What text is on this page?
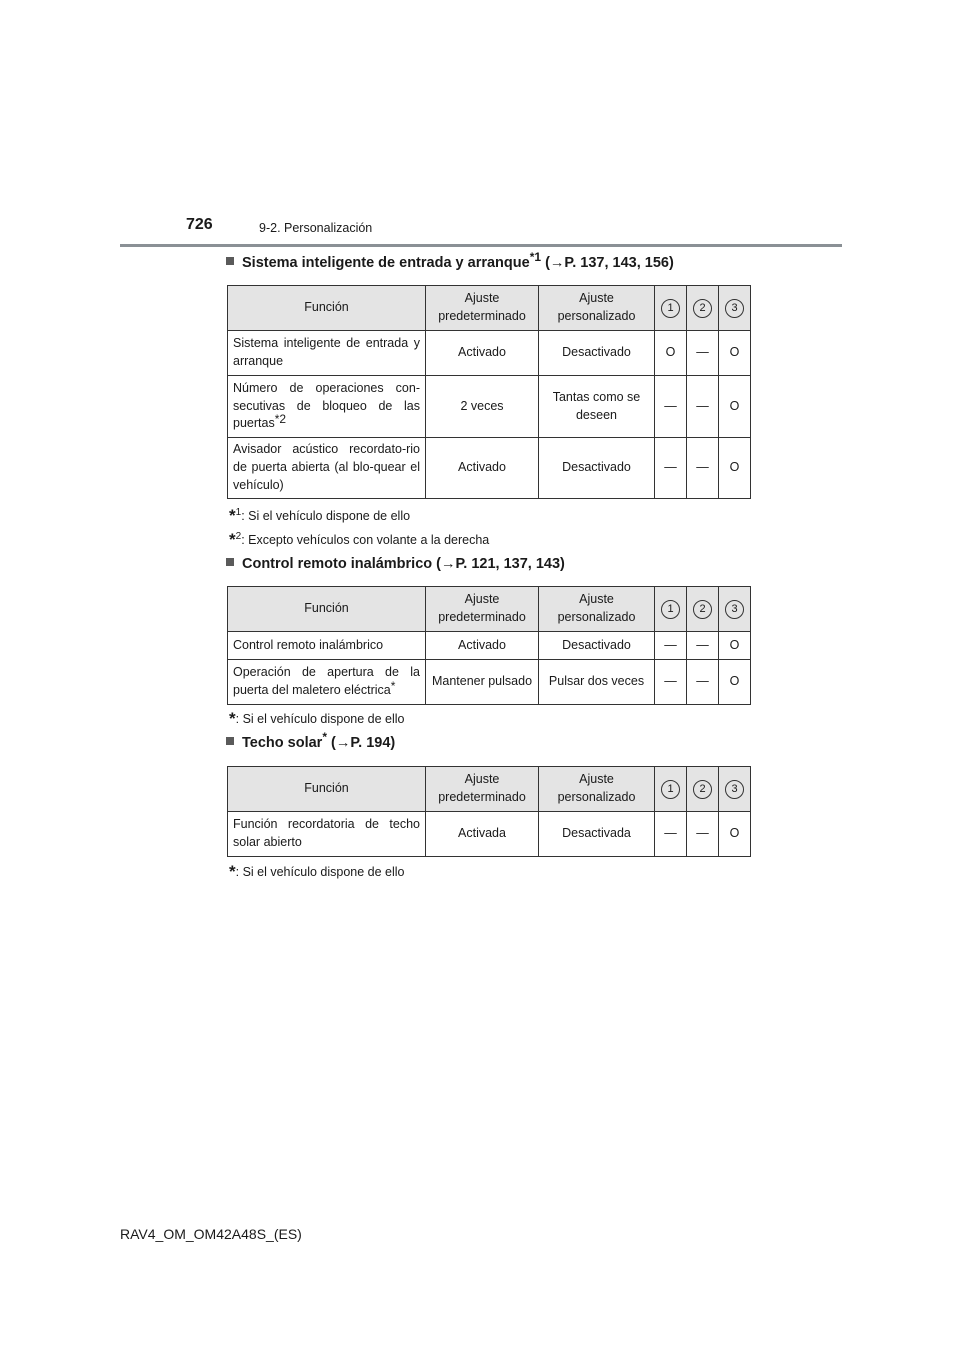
726	9-2. Personalización
Sistema inteligente de entrada y arranque$^{*1}$ (→P. 137, 143, 156)
Función	Ajuste predeterminado	Ajuste personalizado	1	2	3
Sistema inteligente de entrada y arranque	Activado	Desactivado	O	—	O
Número de operaciones con-secutivas de bloqueo de las puertas$^{*2}$	2 veces	Tantas como se deseen	—	—	O
Avisador acústico recordato-rio de puerta abierta (al blo-quear el vehículo)	Activado	Desactivado	—	—	O
*$^1$: Si el vehículo dispone de ello
*$^2$: Excepto vehículos con volante a la derecha
Control remoto inalámbrico (→P. 121, 137, 143)
Función	Ajuste predeterminado	Ajuste personalizado	1	2	3
Control remoto inalámbrico	Activado	Desactivado	—	—	O
Operación de apertura de la puerta del maletero eléctrica*	Mantener pulsado	Pulsar dos veces	—	—	O
*: Si el vehículo dispone de ello
Techo solar* (→P. 194)
Función	Ajuste predeterminado	Ajuste personalizado	1	2	3
Función recordatoria de techo solar abierto	Activada	Desactivada	—	—	O
*: Si el vehículo dispone de ello
RAV4_OM_OM42A48S_(ES)
